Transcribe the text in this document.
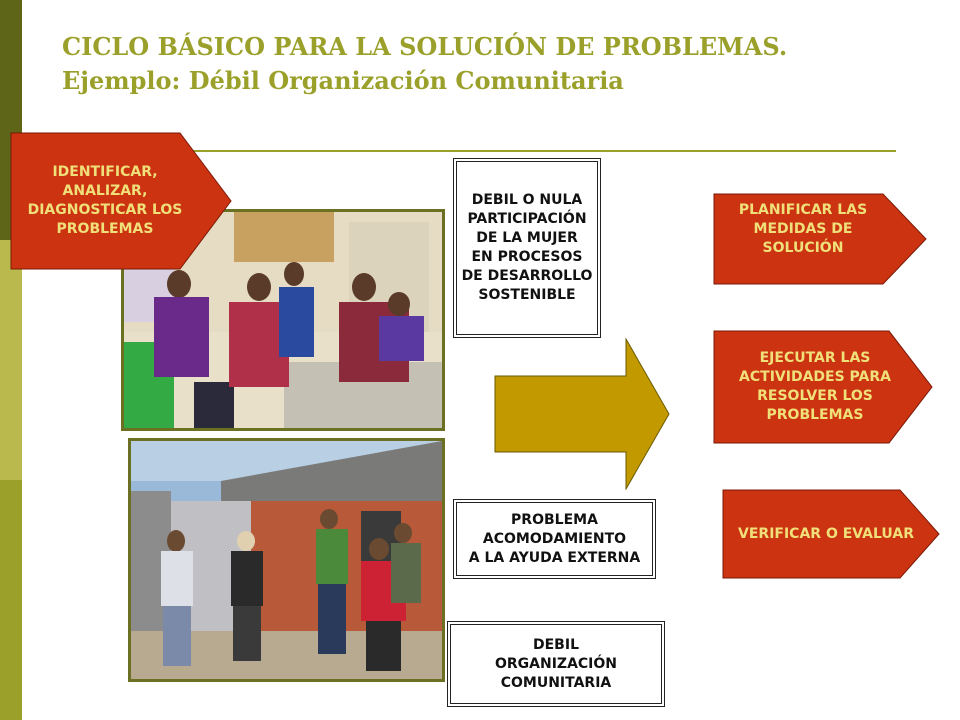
CICLO BÁSICO PARA LA SOLUCIÓN DE PROBLEMAS.
Ejemplo: Débil Organización Comunitaria
IDENTIFICAR,
ANALIZAR,
DIAGNOSTICAR LOS
PROBLEMAS
DEBIL O NULA
PARTICIPACIÓN
DE LA MUJER
EN PROCESOS
DE DESARROLLO
SOSTENIBLE
PROBLEMA
ACOMODAMIENTO
A LA AYUDA EXTERNA
DEBIL
ORGANIZACIÓN
COMUNITARIA
PLANIFICAR LAS
MEDIDAS DE
SOLUCIÓN
EJECUTAR LAS
ACTIVIDADES PARA
RESOLVER LOS
PROBLEMAS
VERIFICAR O EVALUAR
